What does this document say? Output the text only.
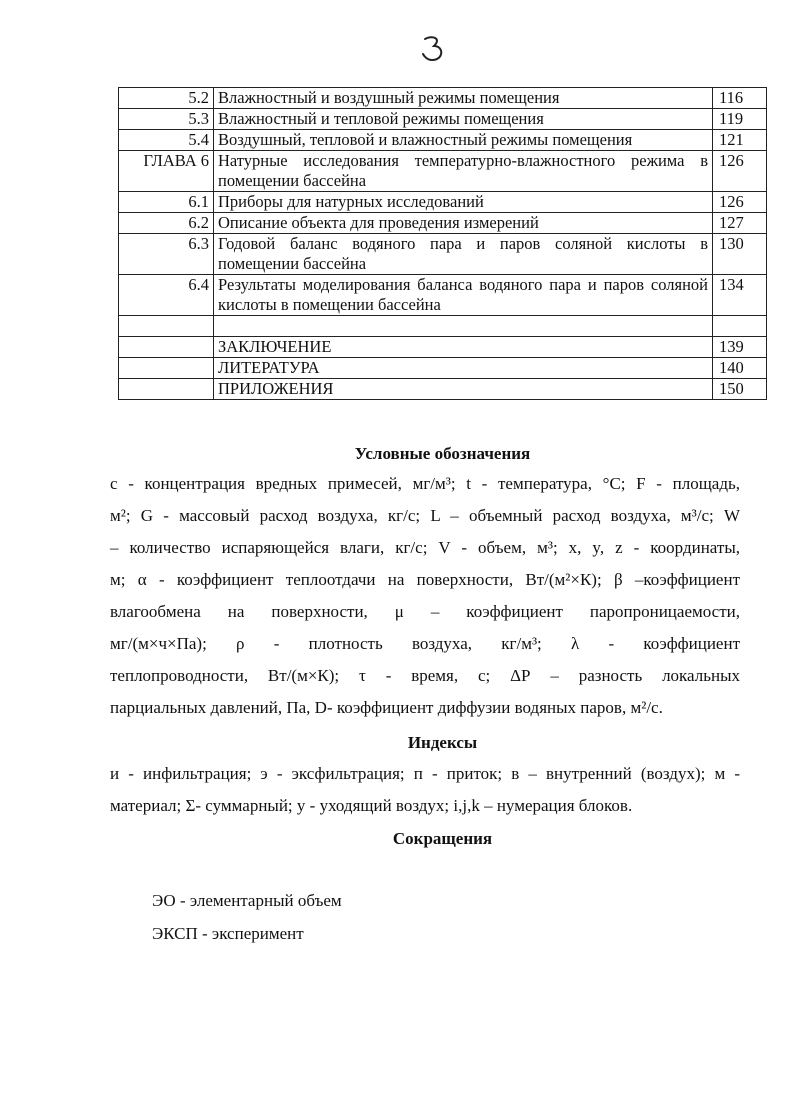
5.2	Влажностный и воздушный режимы помещения	116
5.3	Влажностный и тепловой режимы помещения	119
5.4	Воздушный, тепловой и влажностный режимы помещения	121
ГЛАВА 6	Натурные исследования температурно-влажностного режима в помещении бассейна	126
6.1	Приборы для натурных исследований	126
6.2	Описание объекта для проведения измерений	127
6.3	Годовой баланс водяного пара и паров соляной кислоты в помещении бассейна	130
6.4	Результаты моделирования баланса водяного пара и паров соляной кислоты в помещении бассейна	134

	ЗАКЛЮЧЕНИЕ	139
	ЛИТЕРАТУРА	140
	ПРИЛОЖЕНИЯ	150
Условные обозначения
c - концентрация вредных примесей, мг/м³; t - температура, °С; F - площадь,
м²; G - массовый расход воздуха, кг/с; L – объемный расход воздуха, м³/с; W
– количество испаряющейся влаги, кг/с; V - объем, м³; x, y, z - координаты,
м; α - коэффициент теплоотдачи на поверхности, Вт/(м²×К); β –коэффициент
влагообмена на поверхности, μ – коэффициент паропроницаемости,
мг/(м×ч×Па); ρ - плотность воздуха, кг/м³; λ - коэффициент
теплопроводности, Вт/(м×К); τ - время, с; ΔР – разность локальных
парциальных давлений, Па, D- коэффициент диффузии водяных паров, м²/с.
Индексы
и - инфильтрация; э - эксфильтрация; п - приток; в – внутренний (воздух); м -
материал; Σ- суммарный; у - уходящий воздух; i,j,k – нумерация блоков.
Сокращения
ЭО - элементарный объем
ЭКСП - эксперимент
